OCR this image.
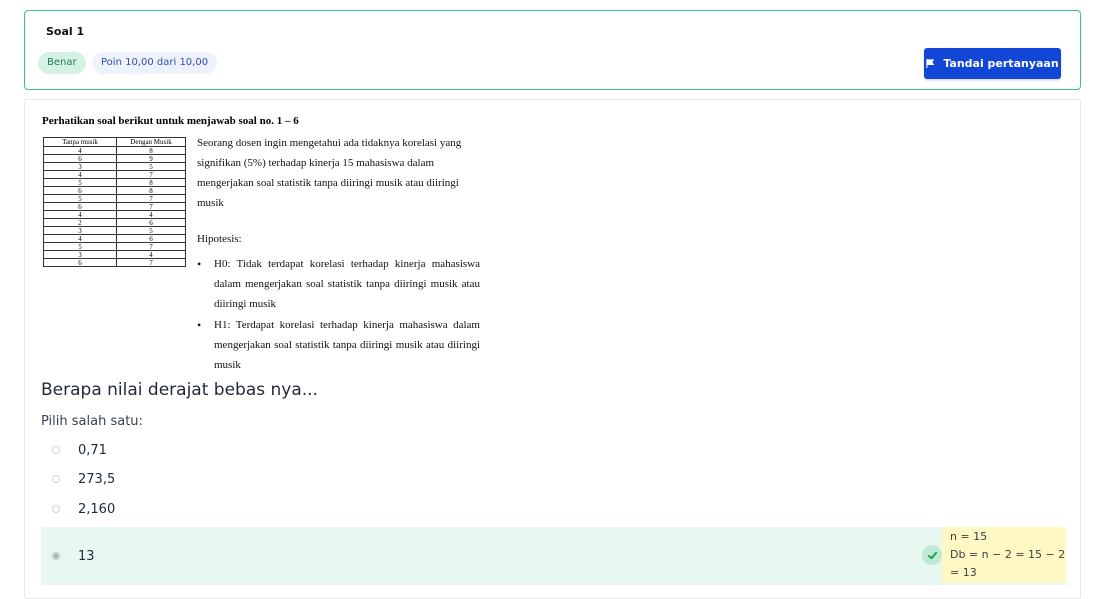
Soal 1
Benar	Poin 10,00 dari 10,00	Tandai pertanyaan
Perhatikan soal berikut untuk menjawab soal no. 1 – 6
Tanpa musik	Dengan Musik
4	8
6	9
3	5
4	7
5	8
6	8
5	7
6	7
4	4
2	6
3	5
4	6
5	7
3	4
6	7

Seorang dosen ingin mengetahui ada tidaknya korelasi yang signifikan (5%) terhadap kinerja 15 mahasiswa dalam mengerjakan soal statistik tanpa diiringi musik atau diiringi musik

Hipotesis:
• H0: Tidak terdapat korelasi terhadap kinerja mahasiswa dalam mengerjakan soal statistik tanpa diiringi musik atau diiringi musik
• H1: Terdapat korelasi terhadap kinerja mahasiswa dalam mengerjakan soal statistik tanpa diiringi musik atau diiringi musik
Berapa nilai derajat bebas nya...
Pilih salah satu:
0,71
273,5
2,160
13
n = 15
Db = n − 2 = 15 − 2
= 13
